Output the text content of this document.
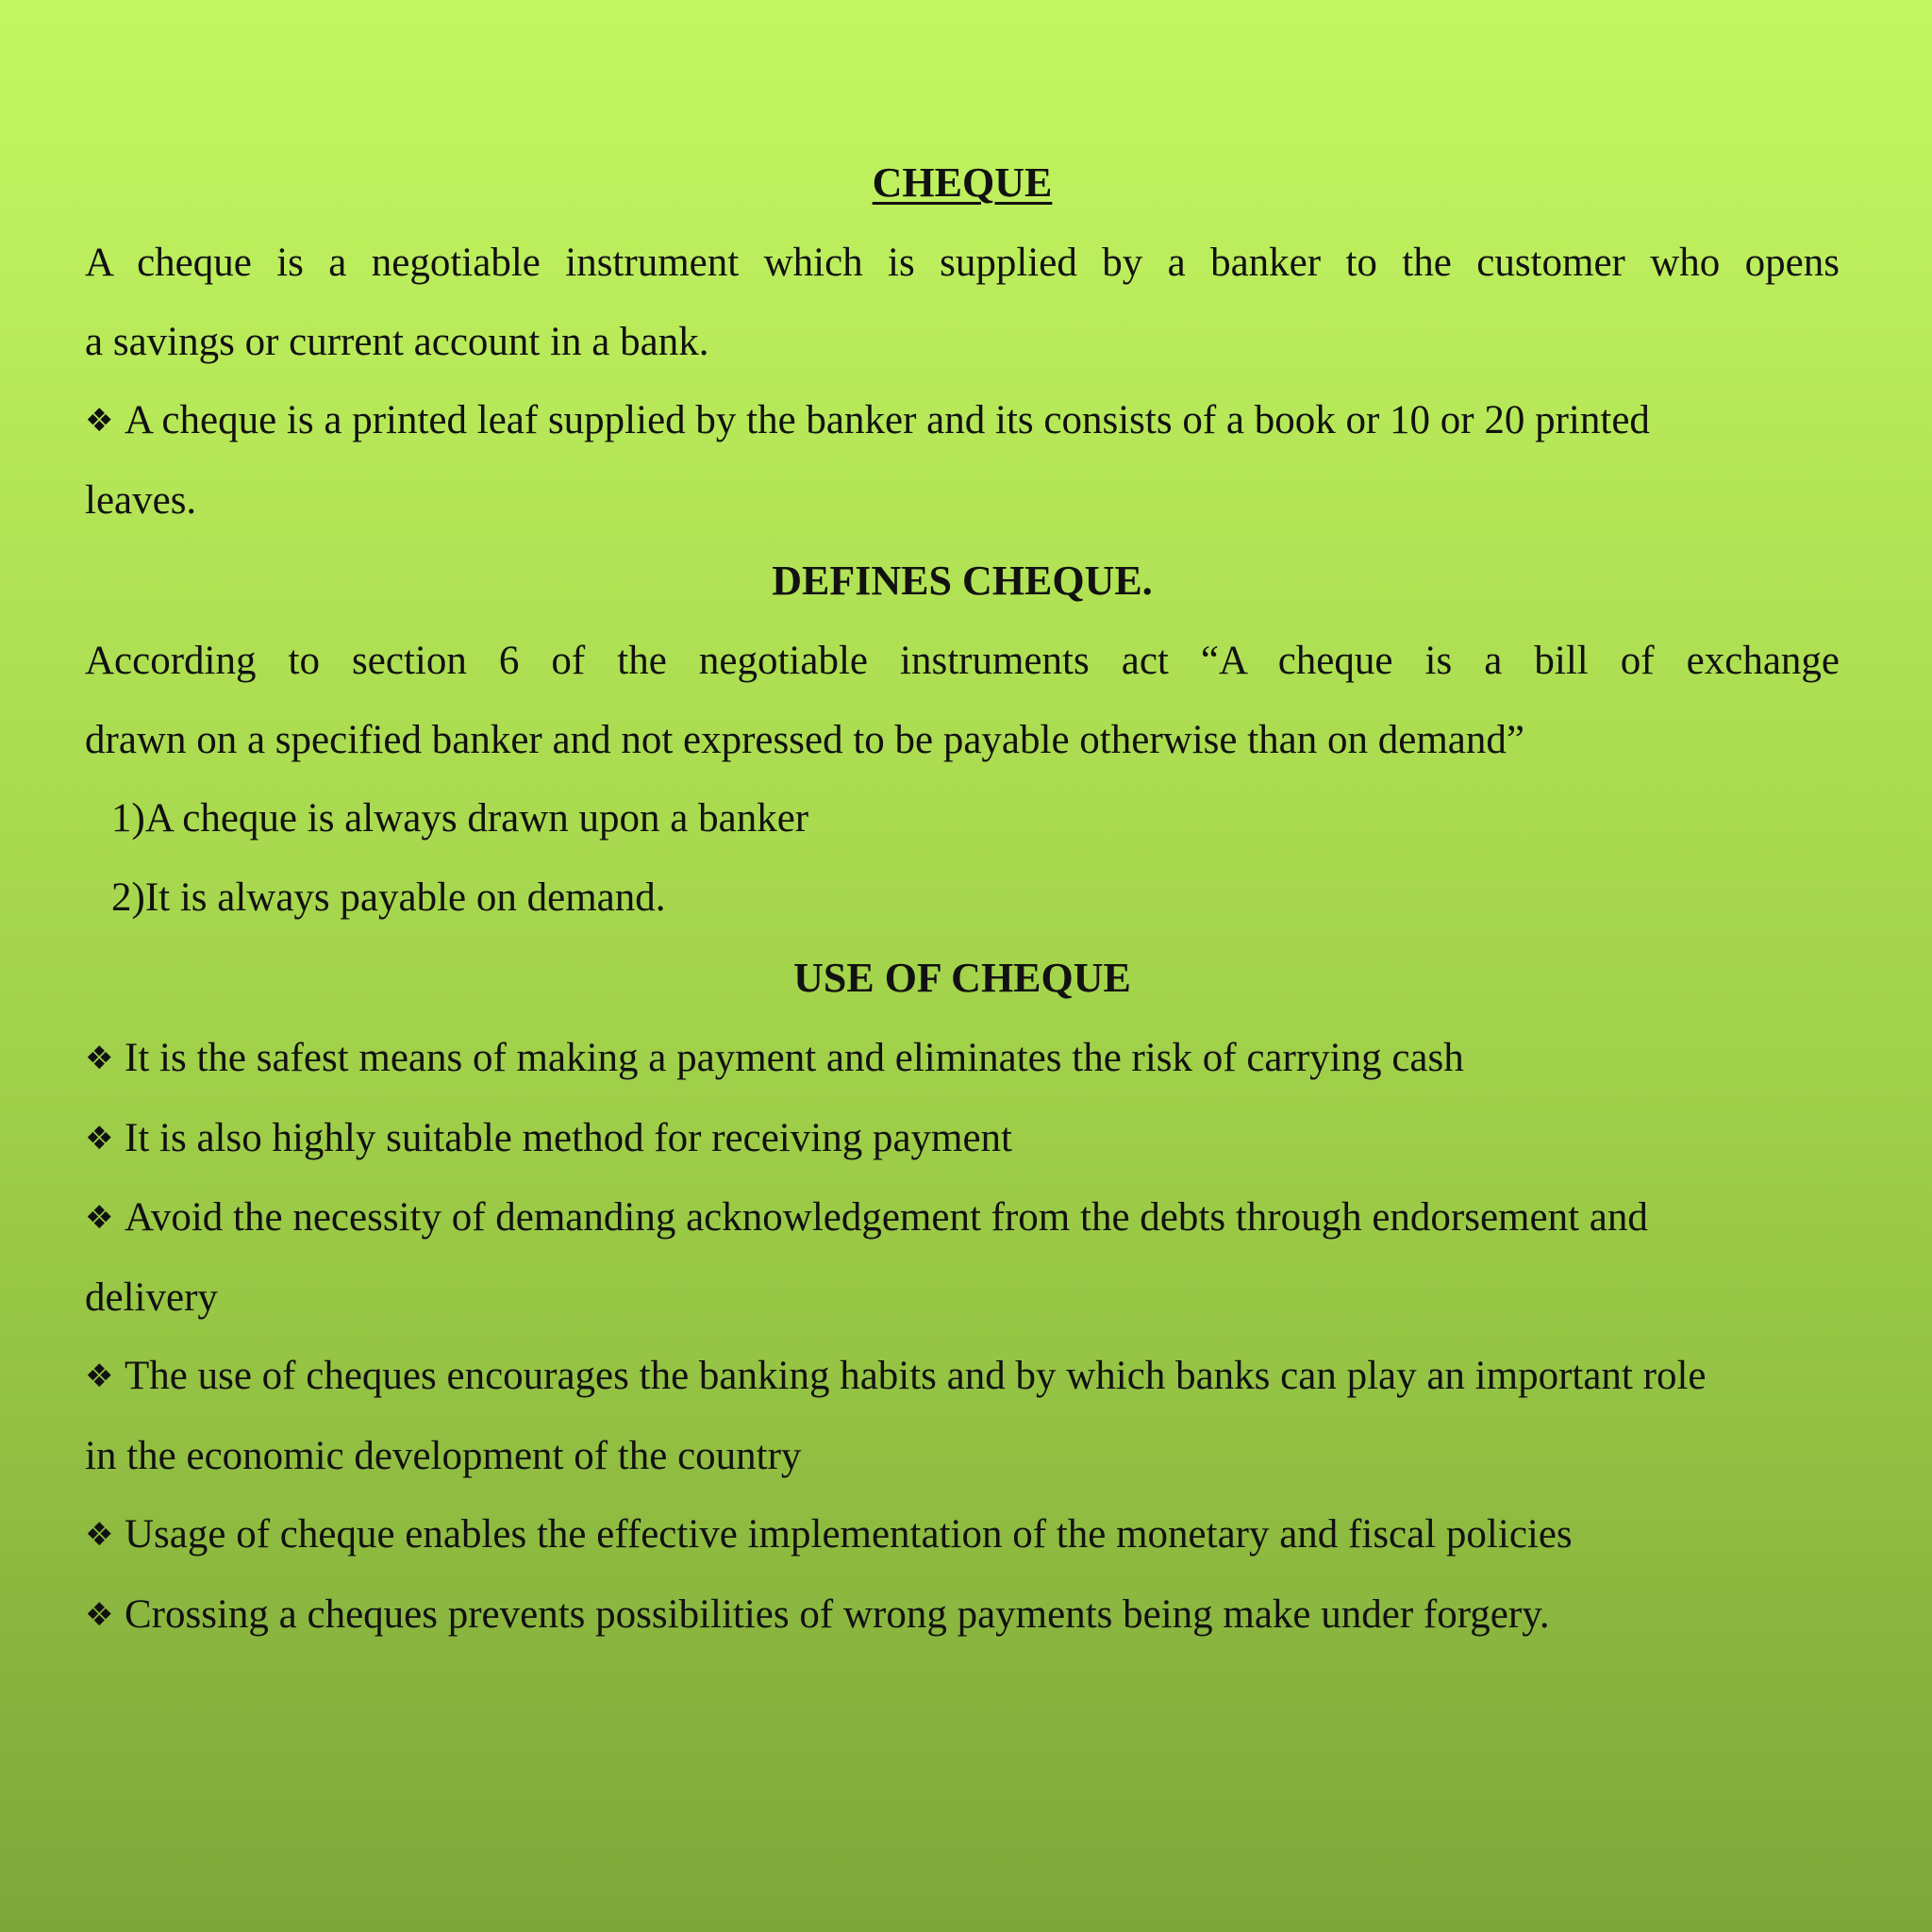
CHEQUE
A cheque is a negotiable instrument which is supplied by a banker to the customer who opens
a savings or current account in a bank.
❖ A cheque is a printed leaf supplied by the banker and its consists of a book or 10 or 20 printed
leaves.
DEFINES CHEQUE.
According to section 6 of the negotiable instruments act “A cheque is a bill of exchange
drawn on a specified banker and not expressed to be payable otherwise than on demand”
1)A cheque is always drawn upon a banker
2)It is always payable on demand.
USE OF CHEQUE
❖ It is the safest means of making a payment and eliminates the risk of carrying cash
❖ It is also highly suitable method for receiving payment
❖ Avoid the necessity of demanding acknowledgement from the debts through endorsement and
delivery
❖ The use of cheques encourages the banking habits and by which banks can play an important role
in the economic development of the country
❖ Usage of cheque enables the effective implementation of the monetary and fiscal policies
❖ Crossing a cheques prevents possibilities of wrong payments being make under forgery.
